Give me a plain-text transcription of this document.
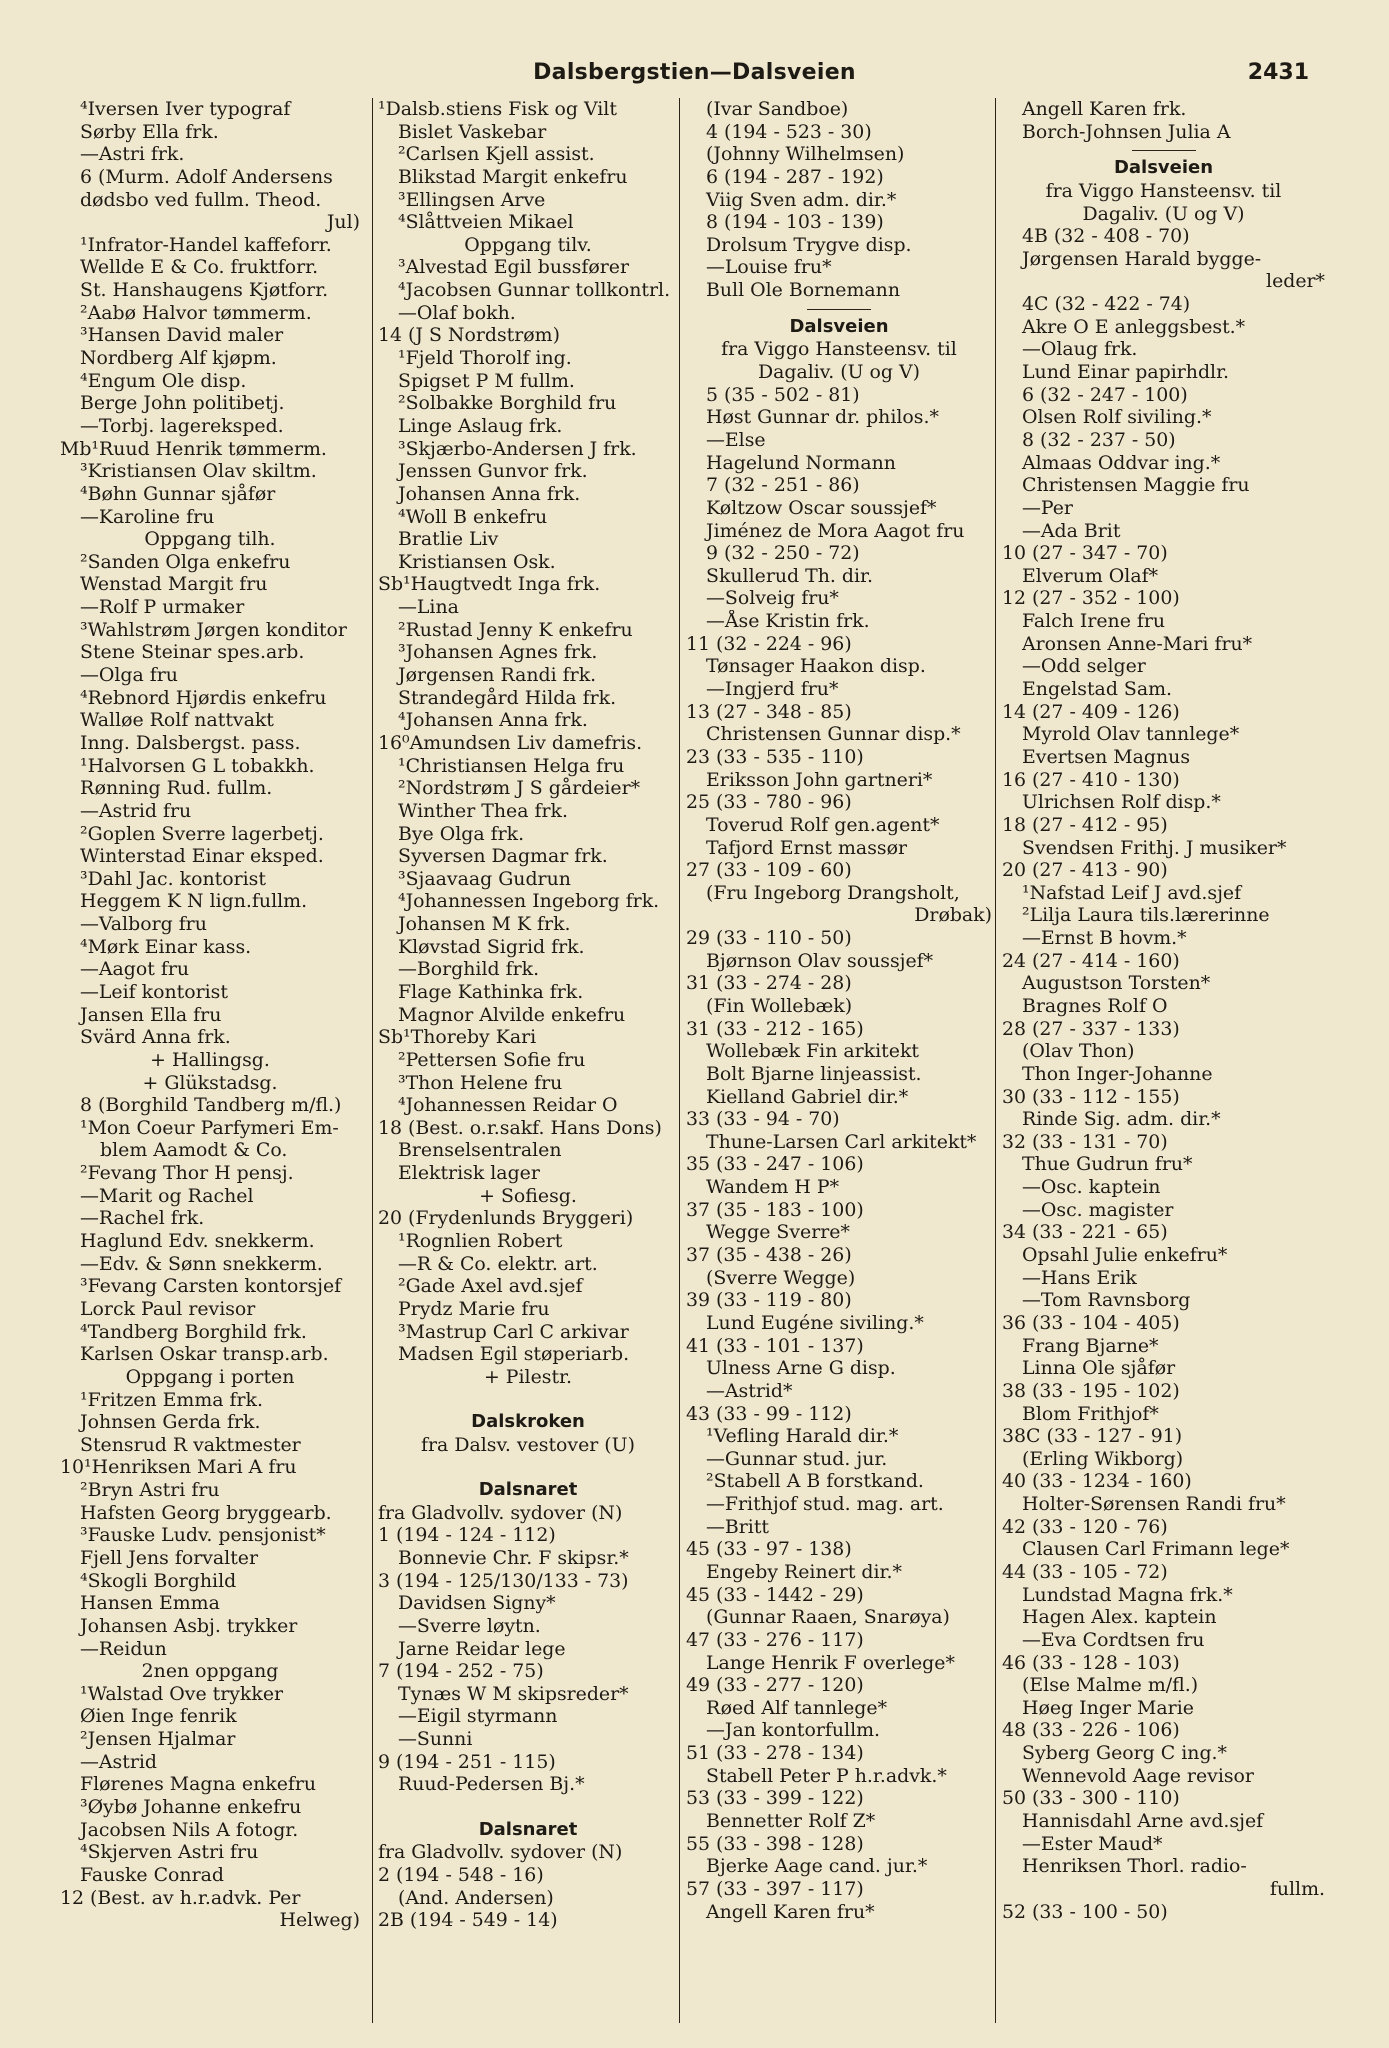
Dalsbergstien—Dalsveien	2431
⁴Iversen Iver typograf
Sørby Ella frk.
—Astri frk.
6 (Murm. Adolf Andersens
dødsbo ved fullm. Theod.
Jul)
¹Infrator-Handel kaffeforr.
Wellde E & Co. fruktforr.
St. Hanshaugens Kjøtforr.
²Aabø Halvor tømmerm.
³Hansen David maler
Nordberg Alf kjøpm.
⁴Engum Ole disp.
Berge John politibetj.
—Torbj. lagereksped.
Mb¹Ruud Henrik tømmerm.
³Kristiansen Olav skiltm.
⁴Bøhn Gunnar sjåfør
—Karoline fru
Oppgang tilh.
²Sanden Olga enkefru
Wenstad Margit fru
—Rolf P urmaker
³Wahlstrøm Jørgen konditor
Stene Steinar spes.arb.
—Olga fru
⁴Rebnord Hjørdis enkefru
Walløe Rolf nattvakt
Inng. Dalsbergst. pass.
¹Halvorsen G L tobakkh.
Rønning Rud. fullm.
—Astrid fru
²Goplen Sverre lagerbetj.
Winterstad Einar eksped.
³Dahl Jac. kontorist
Heggem K N lign.fullm.
—Valborg fru
⁴Mørk Einar kass.
—Aagot fru
—Leif kontorist
Jansen Ella fru
Svärd Anna frk.
+ Hallingsg.
+ Glükstadsg.
8 (Borghild Tandberg m/fl.)
¹Mon Coeur Parfymeri Em-
blem Aamodt & Co.
²Fevang Thor H pensj.
—Marit og Rachel
—Rachel frk.
Haglund Edv. snekkerm.
—Edv. & Sønn snekkerm.
³Fevang Carsten kontorsjef
Lorck Paul revisor
⁴Tandberg Borghild frk.
Karlsen Oskar transp.arb.
Oppgang i porten
¹Fritzen Emma frk.
Johnsen Gerda frk.
Stensrud R vaktmester
10¹Henriksen Mari A fru
²Bryn Astri fru
Hafsten Georg bryggearb.
³Fauske Ludv. pensjonist*
Fjell Jens forvalter
⁴Skogli Borghild
Hansen Emma
Johansen Asbj. trykker
—Reidun
2nen oppgang
¹Walstad Ove trykker
Øien Inge fenrik
²Jensen Hjalmar
—Astrid
Flørenes Magna enkefru
³Øybø Johanne enkefru
Jacobsen Nils A fotogr.
⁴Skjerven Astri fru
Fauske Conrad
12 (Best. av h.r.advk. Per
Helweg)
¹Dalsb.stiens Fisk og Vilt
Bislet Vaskebar
²Carlsen Kjell assist.
Blikstad Margit enkefru
³Ellingsen Arve
⁴Slåttveien Mikael
Oppgang tilv.
³Alvestad Egil bussfører
⁴Jacobsen Gunnar tollkontrl.
—Olaf bokh.
14 (J S Nordstrøm)
¹Fjeld Thorolf ing.
Spigset P M fullm.
²Solbakke Borghild fru
Linge Aslaug frk.
³Skjærbo-Andersen J frk.
Jenssen Gunvor frk.
Johansen Anna frk.
⁴Woll B enkefru
Bratlie Liv
Kristiansen Osk.
Sb¹Haugtvedt Inga frk.
—Lina
²Rustad Jenny K enkefru
³Johansen Agnes frk.
Jørgensen Randi frk.
Strandegård Hilda frk.
⁴Johansen Anna frk.
16⁰Amundsen Liv damefris.
¹Christiansen Helga fru
²Nordstrøm J S gårdeier*
Winther Thea frk.
Bye Olga frk.
Syversen Dagmar frk.
³Sjaavaag Gudrun
⁴Johannessen Ingeborg frk.
Johansen M K frk.
Kløvstad Sigrid frk.
—Borghild frk.
Flage Kathinka frk.
Magnor Alvilde enkefru
Sb¹Thoreby Kari
²Pettersen Sofie fru
³Thon Helene fru
⁴Johannessen Reidar O
18 (Best. o.r.sakf. Hans Dons)
Brenselsentralen
Elektrisk lager
+ Sofiesg.
20 (Frydenlunds Bryggeri)
¹Rognlien Robert
—R & Co. elektr. art.
²Gade Axel avd.sjef
Prydz Marie fru
³Mastrup Carl C arkivar
Madsen Egil støperiarb.
+ Pilestr.
Dalskroken
fra Dalsv. vestover (U)
Dalsnaret
fra Gladvollv. sydover (N)
1 (194 - 124 - 112)
Bonnevie Chr. F skipsr.*
3 (194 - 125/130/133 - 73)
Davidsen Signy*
—Sverre løytn.
Jarne Reidar lege
7 (194 - 252 - 75)
Tynæs W M skipsreder*
—Eigil styrmann
—Sunni
9 (194 - 251 - 115)
Ruud-Pedersen Bj.*
Dalsnaret
fra Gladvollv. sydover (N)
2 (194 - 548 - 16)
(And. Andersen)
2B (194 - 549 - 14)
(Ivar Sandboe)
4 (194 - 523 - 30)
(Johnny Wilhelmsen)
6 (194 - 287 - 192)
Viig Sven adm. dir.*
8 (194 - 103 - 139)
Drolsum Trygve disp.
—Louise fru*
Bull Ole Bornemann
Dalsveien
fra Viggo Hansteensv. til
Dagaliv. (U og V)
5 (35 - 502 - 81)
Høst Gunnar dr. philos.*
—Else
Hagelund Normann
7 (32 - 251 - 86)
Køltzow Oscar soussjef*
Jiménez de Mora Aagot fru
9 (32 - 250 - 72)
Skullerud Th. dir.
—Solveig fru*
—Åse Kristin frk.
11 (32 - 224 - 96)
Tønsager Haakon disp.
—Ingjerd fru*
13 (27 - 348 - 85)
Christensen Gunnar disp.*
23 (33 - 535 - 110)
Eriksson John gartneri*
25 (33 - 780 - 96)
Toverud Rolf gen.agent*
Tafjord Ernst massør
27 (33 - 109 - 60)
(Fru Ingeborg Drangsholt,
Drøbak)
29 (33 - 110 - 50)
Bjørnson Olav soussjef*
31 (33 - 274 - 28)
(Fin Wollebæk)
31 (33 - 212 - 165)
Wollebæk Fin arkitekt
Bolt Bjarne linjeassist.
Kielland Gabriel dir.*
33 (33 - 94 - 70)
Thune-Larsen Carl arkitekt*
35 (33 - 247 - 106)
Wandem H P*
37 (35 - 183 - 100)
Wegge Sverre*
37 (35 - 438 - 26)
(Sverre Wegge)
39 (33 - 119 - 80)
Lund Eugéne siviling.*
41 (33 - 101 - 137)
Ulness Arne G disp.
—Astrid*
43 (33 - 99 - 112)
¹Vefling Harald dir.*
—Gunnar stud. jur.
²Stabell A B forstkand.
—Frithjof stud. mag. art.
—Britt
45 (33 - 97 - 138)
Engeby Reinert dir.*
45 (33 - 1442 - 29)
(Gunnar Raaen, Snarøya)
47 (33 - 276 - 117)
Lange Henrik F overlege*
49 (33 - 277 - 120)
Røed Alf tannlege*
—Jan kontorfullm.
51 (33 - 278 - 134)
Stabell Peter P h.r.advk.*
53 (33 - 399 - 122)
Bennetter Rolf Z*
55 (33 - 398 - 128)
Bjerke Aage cand. jur.*
57 (33 - 397 - 117)
Angell Karen fru*
Angell Karen frk.
Borch-Johnsen Julia A
Dalsveien
fra Viggo Hansteensv. til
Dagaliv. (U og V)
4B (32 - 408 - 70)
Jørgensen Harald bygge-
leder*
4C (32 - 422 - 74)
Akre O E anleggsbest.*
—Olaug frk.
Lund Einar papirhdlr.
6 (32 - 247 - 100)
Olsen Rolf siviling.*
8 (32 - 237 - 50)
Almaas Oddvar ing.*
Christensen Maggie fru
—Per
—Ada Brit
10 (27 - 347 - 70)
Elverum Olaf*
12 (27 - 352 - 100)
Falch Irene fru
Aronsen Anne-Mari fru*
—Odd selger
Engelstad Sam.
14 (27 - 409 - 126)
Myrold Olav tannlege*
Evertsen Magnus
16 (27 - 410 - 130)
Ulrichsen Rolf disp.*
18 (27 - 412 - 95)
Svendsen Frithj. J musiker*
20 (27 - 413 - 90)
¹Nafstad Leif J avd.sjef
²Lilja Laura tils.lærerinne
—Ernst B hovm.*
24 (27 - 414 - 160)
Augustson Torsten*
Bragnes Rolf O
28 (27 - 337 - 133)
(Olav Thon)
Thon Inger-Johanne
30 (33 - 112 - 155)
Rinde Sig. adm. dir.*
32 (33 - 131 - 70)
Thue Gudrun fru*
—Osc. kaptein
—Osc. magister
34 (33 - 221 - 65)
Opsahl Julie enkefru*
—Hans Erik
—Tom Ravnsborg
36 (33 - 104 - 405)
Frang Bjarne*
Linna Ole sjåfør
38 (33 - 195 - 102)
Blom Frithjof*
38C (33 - 127 - 91)
(Erling Wikborg)
40 (33 - 1234 - 160)
Holter-Sørensen Randi fru*
42 (33 - 120 - 76)
Clausen Carl Frimann lege*
44 (33 - 105 - 72)
Lundstad Magna frk.*
Hagen Alex. kaptein
—Eva Cordtsen fru
46 (33 - 128 - 103)
(Else Malme m/fl.)
Høeg Inger Marie
48 (33 - 226 - 106)
Syberg Georg C ing.*
Wennevold Aage revisor
50 (33 - 300 - 110)
Hannisdahl Arne avd.sjef
—Ester Maud*
Henriksen Thorl. radio-
fullm.
52 (33 - 100 - 50)
